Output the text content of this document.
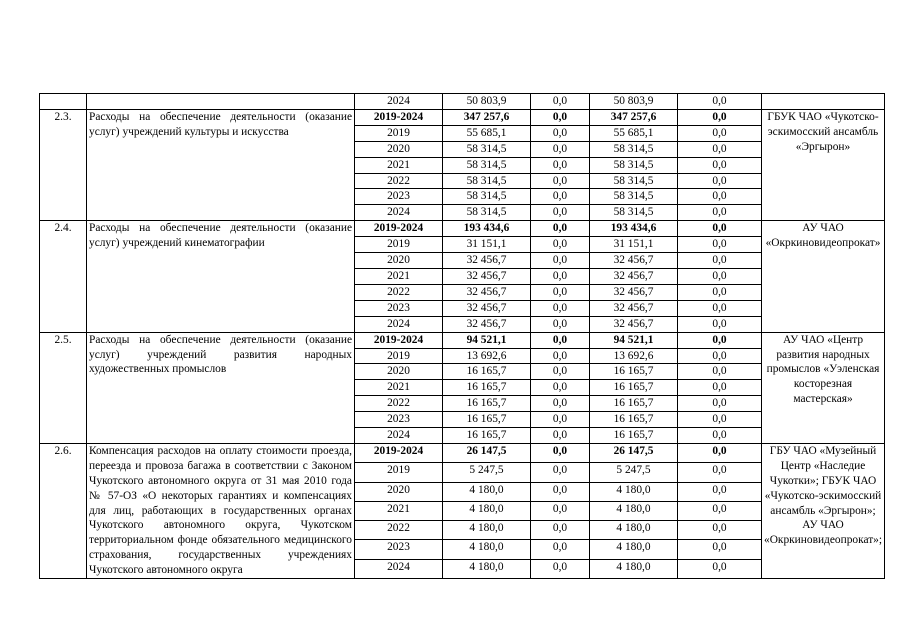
		2024	50 803,9	0,0	50 803,9	0,0	
2.3.	Расходы на обеспечение деятельности (оказание услуг) учреждений культуры и искусства	2019-2024	347 257,6	0,0	347 257,6	0,0	ГБУК ЧАО «Чукотско-эскимосский ансамбль «Эргырон»
		2019	55 685,1	0,0	55 685,1	0,0	
		2020	58 314,5	0,0	58 314,5	0,0	
		2021	58 314,5	0,0	58 314,5	0,0	
		2022	58 314,5	0,0	58 314,5	0,0	
		2023	58 314,5	0,0	58 314,5	0,0	
		2024	58 314,5	0,0	58 314,5	0,0	
2.4.	Расходы на обеспечение деятельности (оказание услуг) учреждений кинематографии	2019-2024	193 434,6	0,0	193 434,6	0,0	АУ ЧАО «Окркиновидеопрокат»
		2019	31 151,1	0,0	31 151,1	0,0	
		2020	32 456,7	0,0	32 456,7	0,0	
		2021	32 456,7	0,0	32 456,7	0,0	
		2022	32 456,7	0,0	32 456,7	0,0	
		2023	32 456,7	0,0	32 456,7	0,0	
		2024	32 456,7	0,0	32 456,7	0,0	
2.5.	Расходы на обеспечение деятельности (оказание услуг) учреждений развития народных художественных промыслов	2019-2024	94 521,1	0,0	94 521,1	0,0	АУ ЧАО «Центр развития народных промыслов «Уэленская косторезная мастерская»
		2019	13 692,6	0,0	13 692,6	0,0	
		2020	16 165,7	0,0	16 165,7	0,0	
		2021	16 165,7	0,0	16 165,7	0,0	
		2022	16 165,7	0,0	16 165,7	0,0	
		2023	16 165,7	0,0	16 165,7	0,0	
		2024	16 165,7	0,0	16 165,7	0,0	
2.6.	Компенсация расходов на оплату стоимости проезда, переезда и провоза багажа в соответствии с Законом Чукотского автономного округа от 31 мая 2010 года № 57-ОЗ «О некоторых гарантиях и компенсациях для лиц, работающих в государственных органах Чукотского автономного округа, Чукотском территориальном фонде обязательного медицинского страхования, государственных учреждениях Чукотского автономного округа	2019-2024	26 147,5	0,0	26 147,5	0,0	ГБУ ЧАО «Музейный Центр «Наследие Чукотки»; ГБУК ЧАО «Чукотско-эскимосский ансамбль «Эргырон»; АУ ЧАО «Окркиновидеопрокат»;
		2019	5 247,5	0,0	5 247,5	0,0	
		2020	4 180,0	0,0	4 180,0	0,0	
		2021	4 180,0	0,0	4 180,0	0,0	
		2022	4 180,0	0,0	4 180,0	0,0	
		2023	4 180,0	0,0	4 180,0	0,0	
		2024	4 180,0	0,0	4 180,0	0,0	
